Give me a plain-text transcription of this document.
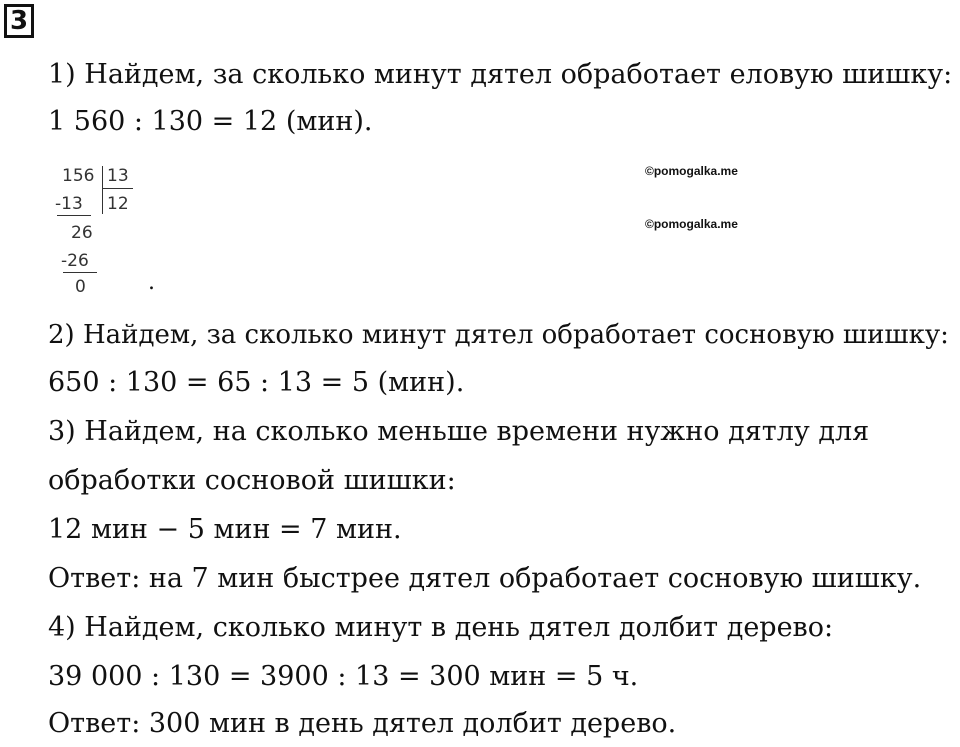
3
1) Найдем, за сколько минут дятел обработает еловую шишку:
1 560 : 130 = 12 (мин).
©pomogalka.me
©pomogalka.me
156 13
12
-13
26
-26
0	.
2) Найдем, за сколько минут дятел обработает сосновую шишку:
650 : 130 = 65 : 13 = 5 (мин).
3) Найдем, на сколько меньше времени нужно дятлу для
обработки сосновой шишки:
12 мин − 5 мин = 7 мин.
Ответ: на 7 мин быстрее дятел обработает сосновую шишку.
4) Найдем, сколько минут в день дятел долбит дерево:
39 000 : 130 = 3900 : 13 = 300 мин = 5 ч.
Ответ: 300 мин в день дятел долбит дерево.
